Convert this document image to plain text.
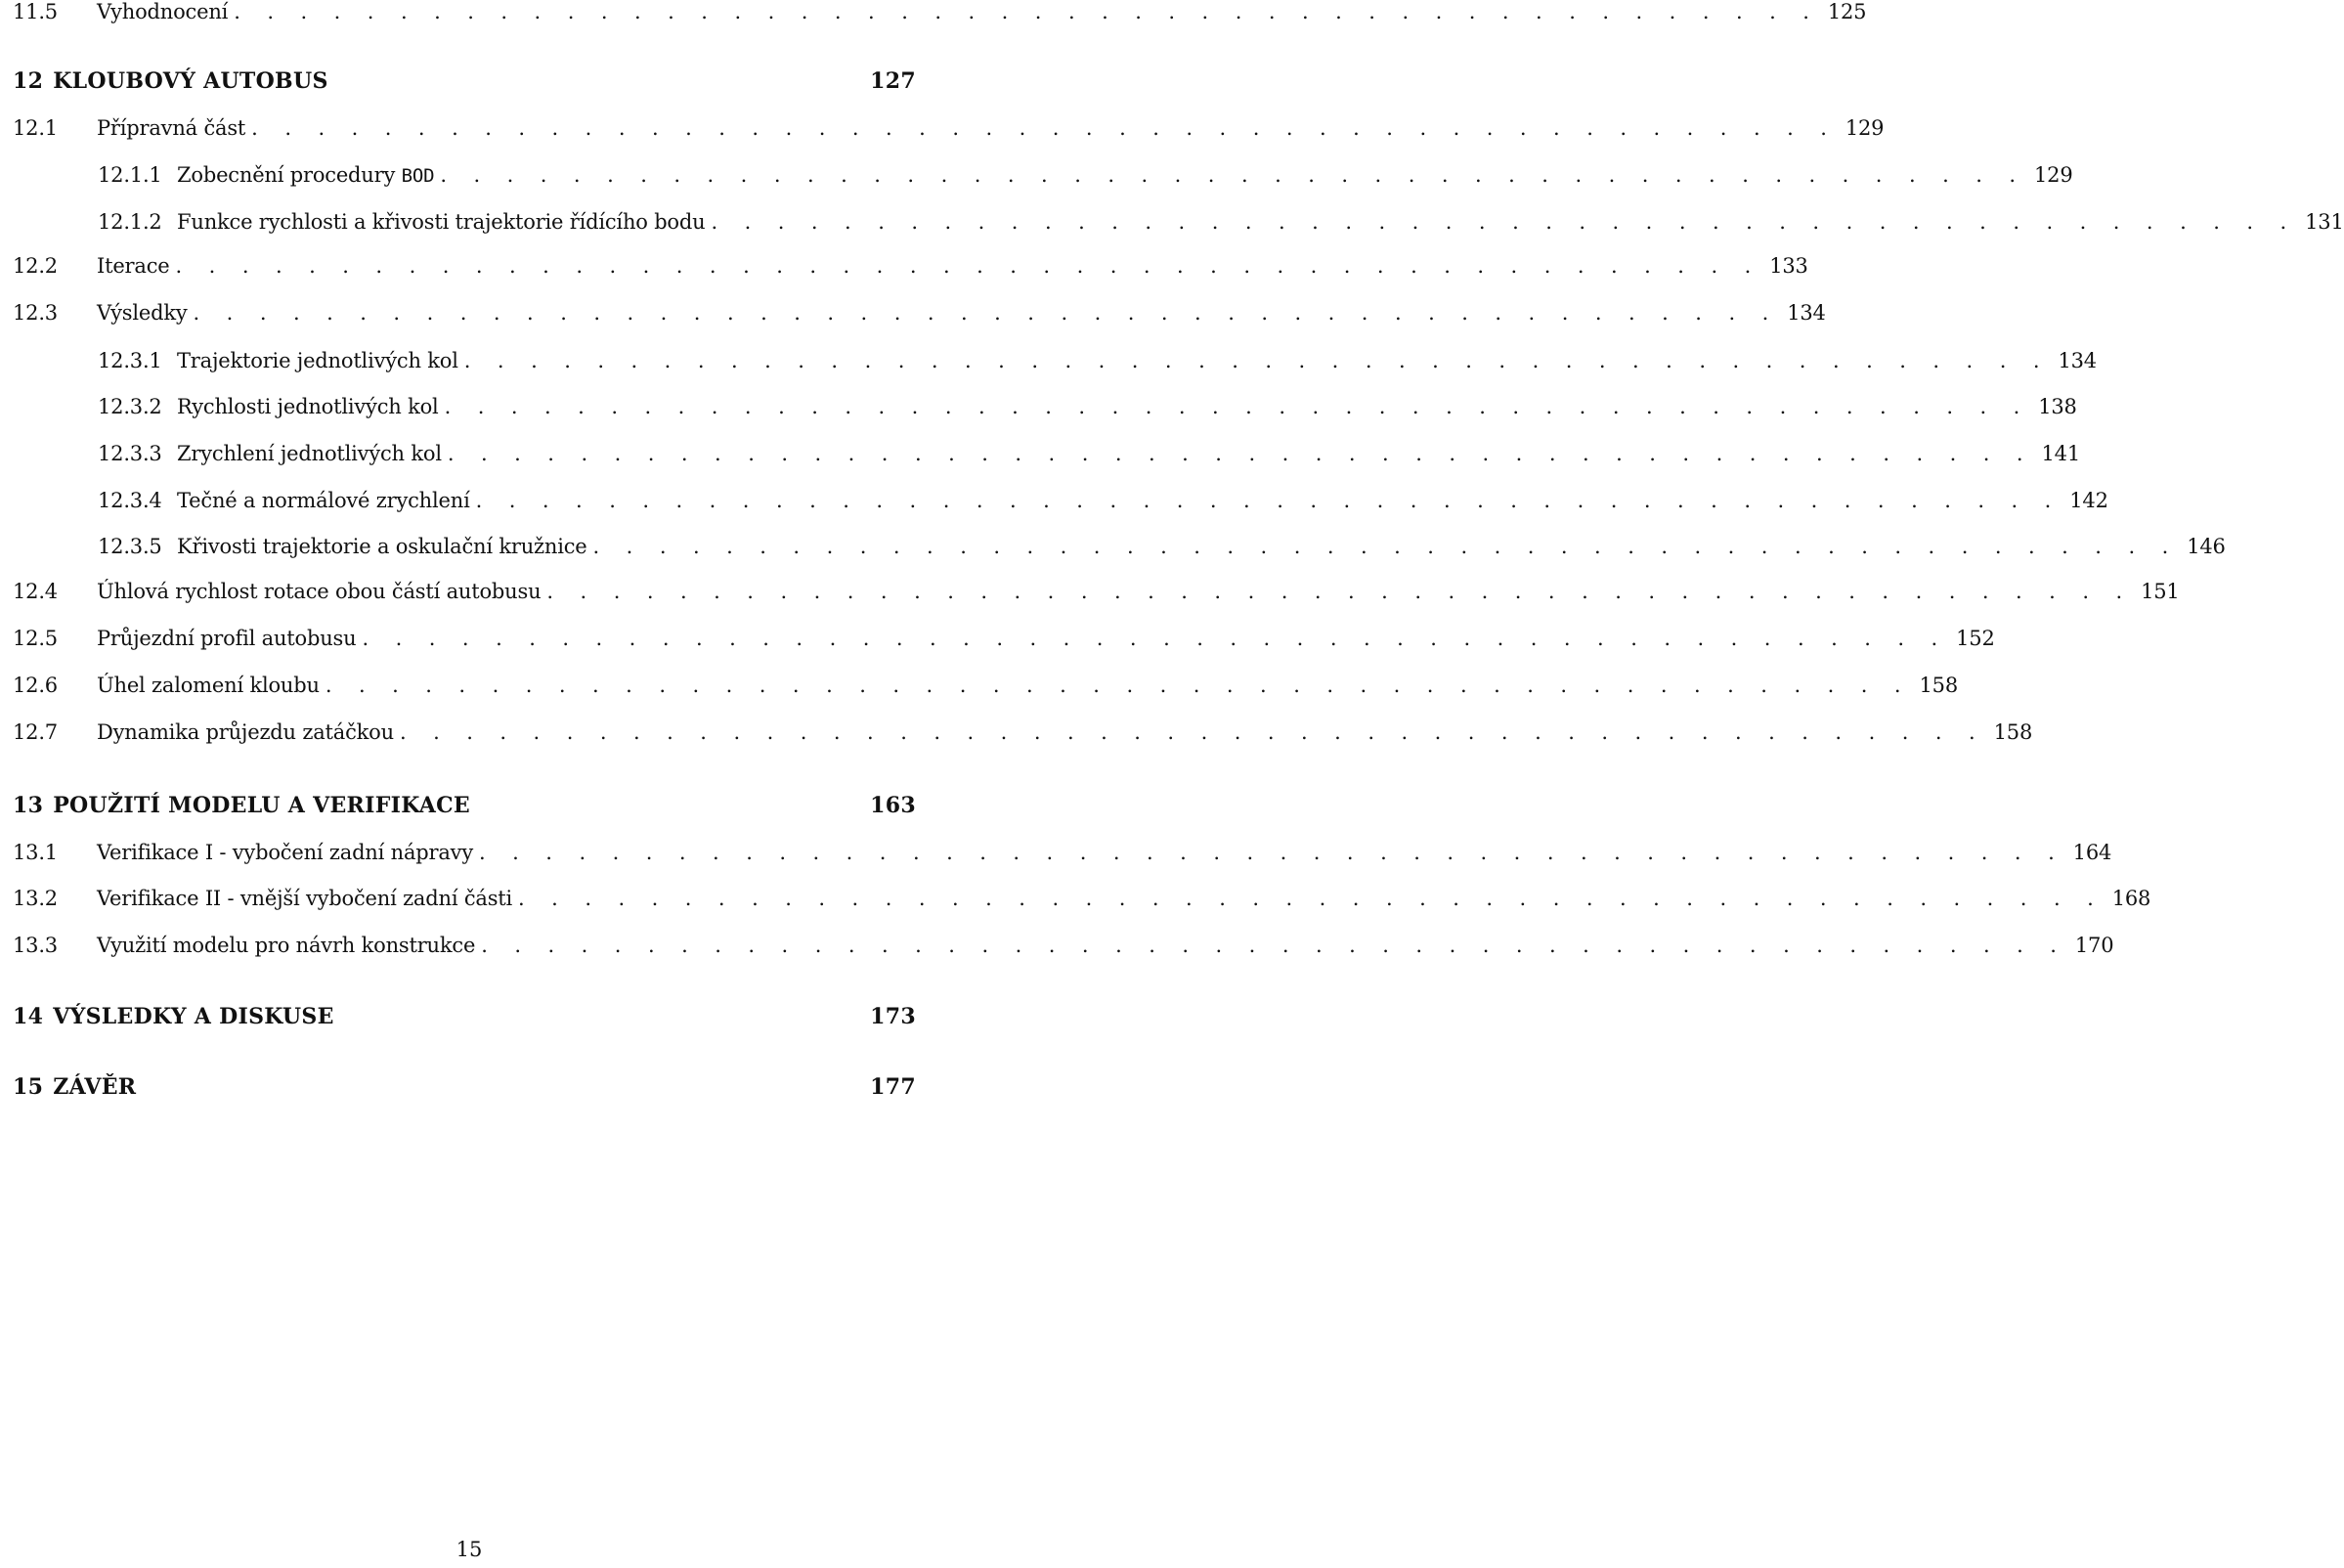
11.5	Vyhodnocení . . . . . . . . . . . . . . . . . . . . . . . . . . . . . . . . . . . . . . . . . . . . . . . . 125
12 KLOUBOVÝ AUTOBUS	127
12.1	Přípravná část . . . . . . . . . . . . . . . . . . . . . . . . . . . . . . . . . . . . . . . . . . . . . . . . 129
12.1.1 Zobecnění procedury BOD . . . . . . . . . . . . . . . . . . . . . . . . . . . . . . . . . . . . . . . . . . . . . . . . 129
12.1.2 Funkce rychlosti a křivosti trajektorie řídícího bodu . . . . . . . . . . . . . . . . . . . . . . . . . . . . . . . . . . . . . . . . . . . . . . . . 131
12.2	Iterace . . . . . . . . . . . . . . . . . . . . . . . . . . . . . . . . . . . . . . . . . . . . . . . . 133
12.3	Výsledky . . . . . . . . . . . . . . . . . . . . . . . . . . . . . . . . . . . . . . . . . . . . . . . . 134
12.3.1 Trajektorie jednotlivých kol . . . . . . . . . . . . . . . . . . . . . . . . . . . . . . . . . . . . . . . . . . . . . . . . 134
12.3.2 Rychlosti jednotlivých kol . . . . . . . . . . . . . . . . . . . . . . . . . . . . . . . . . . . . . . . . . . . . . . . . 138
12.3.3 Zrychlení jednotlivých kol . . . . . . . . . . . . . . . . . . . . . . . . . . . . . . . . . . . . . . . . . . . . . . . . 141
12.3.4 Tečné a normálové zrychlení . . . . . . . . . . . . . . . . . . . . . . . . . . . . . . . . . . . . . . . . . . . . . . . . 142
12.3.5 Křivosti trajektorie a oskulační kružnice . . . . . . . . . . . . . . . . . . . . . . . . . . . . . . . . . . . . . . . . . . . . . . . . 146
12.4	Úhlová rychlost rotace obou částí autobusu . . . . . . . . . . . . . . . . . . . . . . . . . . . . . . . . . . . . . . . . . . . . . . . . 151
12.5	Průjezdní profil autobusu . . . . . . . . . . . . . . . . . . . . . . . . . . . . . . . . . . . . . . . . . . . . . . . . 152
12.6	Úhel zalomení kloubu . . . . . . . . . . . . . . . . . . . . . . . . . . . . . . . . . . . . . . . . . . . . . . . . 158
12.7	Dynamika průjezdu zatáčkou . . . . . . . . . . . . . . . . . . . . . . . . . . . . . . . . . . . . . . . . . . . . . . . . 158
13 POUŽITÍ MODELU A VERIFIKACE	163
13.1	Verifikace I - vybočení zadní nápravy . . . . . . . . . . . . . . . . . . . . . . . . . . . . . . . . . . . . . . . . . . . . . . . . 164
13.2	Verifikace II - vnější vybočení zadní části . . . . . . . . . . . . . . . . . . . . . . . . . . . . . . . . . . . . . . . . . . . . . . . . 168
13.3	Využití modelu pro návrh konstrukce . . . . . . . . . . . . . . . . . . . . . . . . . . . . . . . . . . . . . . . . . . . . . . . . 170
14 VÝSLEDKY A DISKUSE	173
15 ZÁVĚR	177
15
